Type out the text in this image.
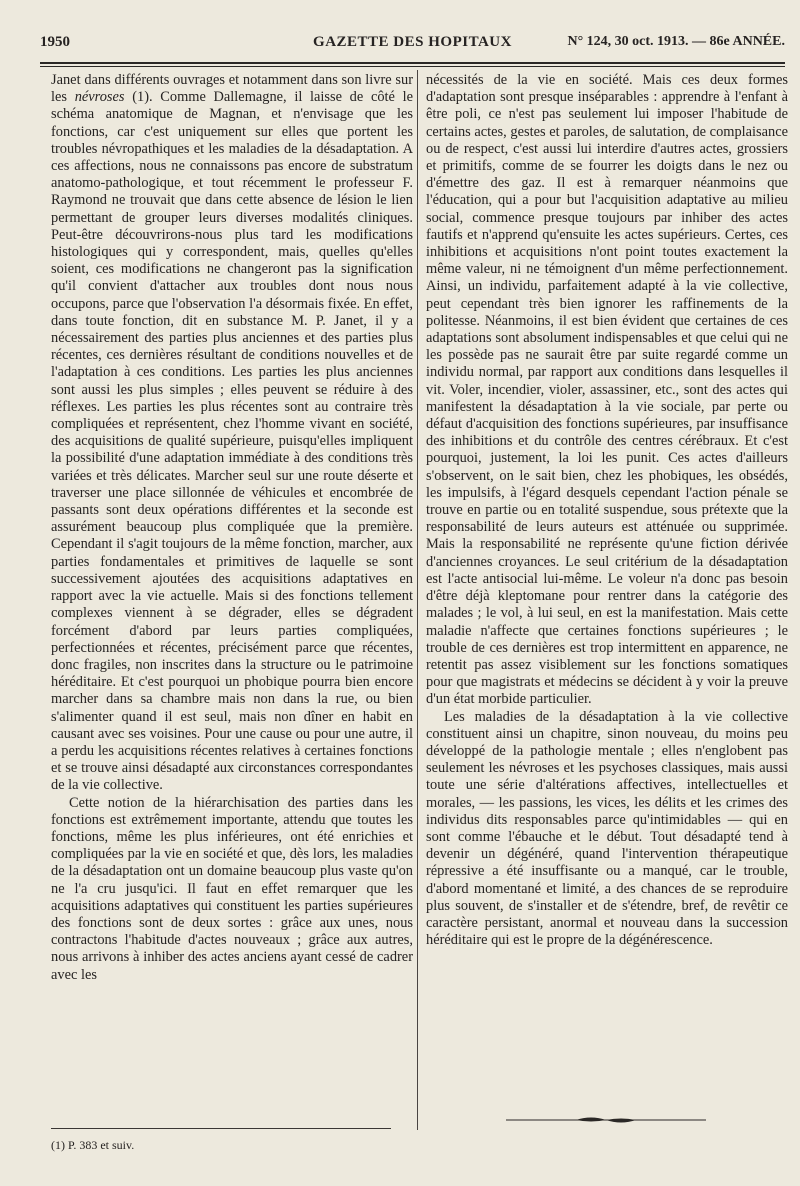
1950	GAZETTE DES HOPITAUX	N° 124, 30 oct. 1913. — 86e ANNÉE.

Janet dans différents ouvrages et notamment dans son livre sur les névroses (1). Comme Dallemagne, il laisse de côté le schéma anatomique de Magnan, et n'envisage que les fonctions, car c'est uniquement sur elles que portent les troubles névropathiques et les maladies de la désadaptation. A ces affections, nous ne connaissons pas encore de substratum anatomo-pathologique, et tout récemment le professeur F. Raymond ne trouvait que dans cette absence de lésion le lien permettant de grouper leurs diverses modalités cliniques. Peut-être découvrirons-nous plus tard les modifications histologiques qui y correspondent, mais, quelles qu'elles soient, ces modifications ne changeront pas la signification qu'il convient d'attacher aux troubles dont nous nous occupons, parce que l'observation l'a désormais fixée. En effet, dans toute fonction, dit en substance M. P. Janet, il y a nécessairement des parties plus anciennes et des parties plus récentes, ces dernières résultant de conditions nouvelles et de l'adaptation à ces conditions. Les parties les plus anciennes sont aussi les plus simples ; elles peuvent se réduire à des réflexes. Les parties les plus récentes sont au contraire très compliquées et représentent, chez l'homme vivant en société, des acquisitions de qualité supérieure, puisqu'elles impliquent la possibilité d'une adaptation immédiate à des conditions très variées et très délicates. Marcher seul sur une route déserte et traverser une place sillonnée de véhicules et encombrée de passants sont deux opérations différentes et la seconde est assurément beaucoup plus compliquée que la première. Cependant il s'agit toujours de la même fonction, marcher, aux parties fondamentales et primitives de laquelle se sont successivement ajoutées des acquisitions adaptatives en rapport avec la vie actuelle. Mais si des fonctions tellement complexes viennent à se dégrader, elles se dégradent forcément d'abord par leurs parties compliquées, perfectionnées et récentes, précisément parce que récentes, donc fragiles, non inscrites dans la structure ou le patrimoine héréditaire. Et c'est pourquoi un phobique pourra bien encore marcher dans sa chambre mais non dans la rue, ou bien s'alimenter quand il est seul, mais non dîner en habit en causant avec ses voisines. Pour une cause ou pour une autre, il a perdu les acquisitions récentes relatives à certaines fonctions et se trouve ainsi désadapté aux circonstances correspondantes de la vie collective.

Cette notion de la hiérarchisation des parties dans les fonctions est extrêmement importante, attendu que toutes les fonctions, même les plus inférieures, ont été enrichies et compliquées par la vie en société et que, dès lors, les maladies de la désadaptation ont un domaine beaucoup plus vaste qu'on ne l'a cru jusqu'ici. Il faut en effet remarquer que les acquisitions adaptatives qui constituent les parties supérieures des fonctions sont de deux sortes : grâce aux unes, nous contractons l'habitude d'actes nouveaux ; grâce aux autres, nous arrivons à inhiber des actes anciens ayant cessé de cadrer avec les

nécessités de la vie en société. Mais ces deux formes d'adaptation sont presque inséparables : apprendre à l'enfant à être poli, ce n'est pas seulement lui imposer l'habitude de certains actes, gestes et paroles, de salutation, de complaisance ou de respect, c'est aussi lui interdire d'autres actes, grossiers et primitifs, comme de se fourrer les doigts dans le nez ou d'émettre des gaz. Il est à remarquer néanmoins que l'éducation, qui a pour but l'acquisition adaptative au milieu social, commence presque toujours par inhiber des actes fautifs et n'apprend qu'ensuite les actes supérieurs. Certes, ces inhibitions et acquisitions n'ont point toutes exactement la même valeur, ni ne témoignent d'un même perfectionnement. Ainsi, un individu, parfaitement adapté à la vie collective, peut cependant très bien ignorer les raffinements de la politesse. Néanmoins, il est bien évident que certaines de ces adaptations sont absolument indispensables et que celui qui ne les possède pas ne saurait être par suite regardé comme un individu normal, par rapport aux conditions dans lesquelles il vit. Voler, incendier, violer, assassiner, etc., sont des actes qui manifestent la désadaptation à la vie sociale, par perte ou défaut d'acquisition des fonctions supérieures, par insuffisance des inhibitions et du contrôle des centres cérébraux. Et c'est pourquoi, justement, la loi les punit. Ces actes d'ailleurs s'observent, on le sait bien, chez les phobiques, les obsédés, les impulsifs, à l'égard desquels cependant l'action pénale se trouve en partie ou en totalité suspendue, sous prétexte que la responsabilité de leurs auteurs est atténuée ou supprimée. Mais la responsabilité ne représente qu'une fiction dérivée d'anciennes croyances. Le seul critérium de la désadaptation est l'acte antisocial lui-même. Le voleur n'a donc pas besoin d'être déjà kleptomane pour rentrer dans la catégorie des malades ; le vol, à lui seul, en est la manifestation. Mais cette maladie n'affecte que certaines fonctions supérieures ; le trouble de ces dernières est trop intermittent en apparence, ne retentit pas assez visiblement sur les fonctions somatiques pour que magistrats et médecins se décident à y voir la preuve d'un état morbide particulier.

Les maladies de la désadaptation à la vie collective constituent ainsi un chapitre, sinon nouveau, du moins peu développé de la pathologie mentale ; elles n'englobent pas seulement les névroses et les psychoses classiques, mais aussi toute une série d'altérations affectives, intellectuelles et morales, — les passions, les vices, les délits et les crimes des individus dits responsables parce qu'intimidables — qui en sont comme l'ébauche et le début. Tout désadapté tend à devenir un dégénéré, quand l'intervention thérapeutique répressive a été insuffisante ou a manqué, car le trouble, d'abord momentané et limité, a des chances de se reproduire plus souvent, de s'installer et de s'étendre, bref, de revêtir ce caractère persistant, anormal et nouveau dans la succession héréditaire qui est le propre de la dégénérescence.

(1) P. 383 et suiv.
